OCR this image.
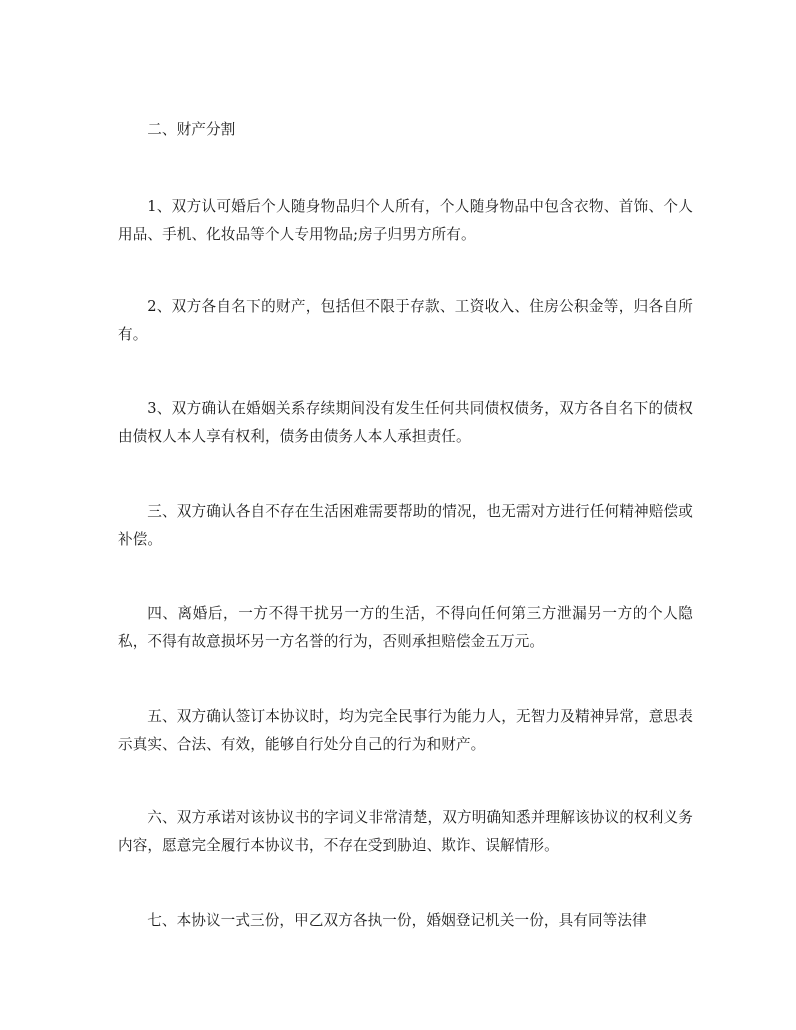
二、财产分割

1、双方认可婚后个人随身物品归个人所有，个人随身物品中包含衣物、首饰、个人用品、手机、化妆品等个人专用物品;房子归男方所有。

2、双方各自名下的财产，包括但不限于存款、工资收入、住房公积金等，归各自所有。

3、双方确认在婚姻关系存续期间没有发生任何共同债权债务，双方各自名下的债权由债权人本人享有权利，债务由债务人本人承担责任。

三、双方确认各自不存在生活困难需要帮助的情况，也无需对方进行任何精神赔偿或补偿。

四、离婚后，一方不得干扰另一方的生活，不得向任何第三方泄漏另一方的个人隐私，不得有故意损坏另一方名誉的行为，否则承担赔偿金五万元。

五、双方确认签订本协议时，均为完全民事行为能力人，无智力及精神异常，意思表示真实、合法、有效，能够自行处分自己的行为和财产。

六、双方承诺对该协议书的字词义非常清楚，双方明确知悉并理解该协议的权利义务内容，愿意完全履行本协议书，不存在受到胁迫、欺诈、误解情形。

七、本协议一式三份，甲乙双方各执一份，婚姻登记机关一份，具有同等法律
